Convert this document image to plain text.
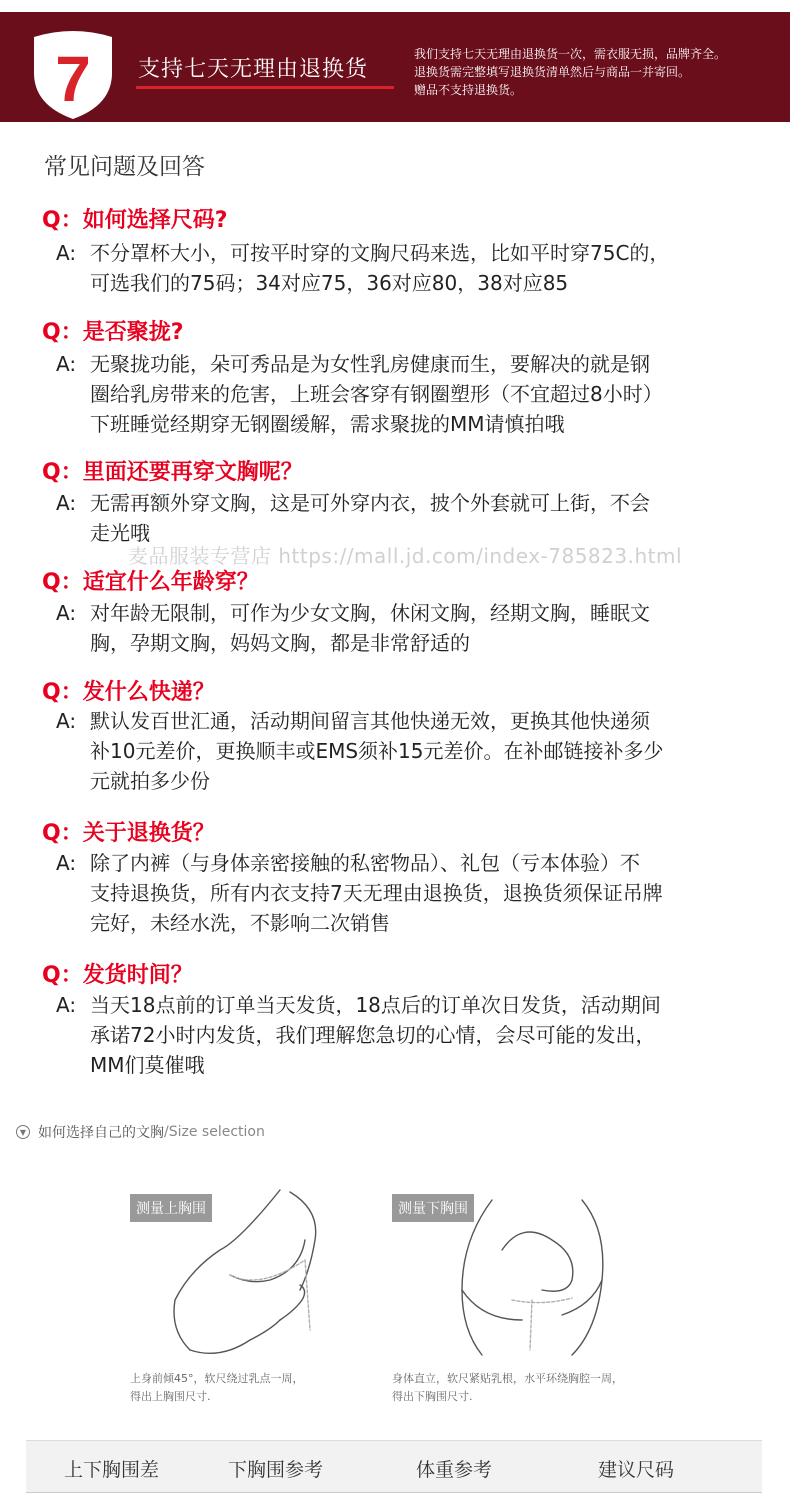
7 支持七天无理由退换货
我们支持七天无理由退换货一次，需衣服无损，品牌齐全。
退换货需完整填写退换货清单然后与商品一并寄回。
赠品不支持退换货。
常见问题及回答
Q：如何选择尺码?
A: 不分罩杯大小，可按平时穿的文胸尺码来选，比如平时穿75C的，
可选我们的75码；34对应75，36对应80，38对应85
Q：是否聚拢?
A: 无聚拢功能，朵可秀品是为女性乳房健康而生，要解决的就是钢
圈给乳房带来的危害，上班会客穿有钢圈塑形（不宜超过8小时）
下班睡觉经期穿无钢圈缓解，需求聚拢的MM请慎拍哦
Q：里面还要再穿文胸呢？
A: 无需再额外穿文胸，这是可外穿内衣，披个外套就可上街，不会
走光哦
麦品服装专营店 https://mall.jd.com/index-785823.html
Q：适宜什么年龄穿？
A: 对年龄无限制，可作为少女文胸，休闲文胸，经期文胸，睡眠文
胸，孕期文胸，妈妈文胸，都是非常舒适的
Q：发什么快递？
A: 默认发百世汇通，活动期间留言其他快递无效，更换其他快递须
补10元差价，更换顺丰或EMS须补15元差价。在补邮链接补多少
元就拍多少份
Q：关于退换货？
A: 除了内裤（与身体亲密接触的私密物品）、礼包（亏本体验）不
支持退换货，所有内衣支持7天无理由退换货，退换货须保证吊牌
完好，未经水洗，不影响二次销售
Q：发货时间？
A: 当天18点前的订单当天发货，18点后的订单次日发货，活动期间
承诺72小时内发货，我们理解您急切的心情，会尽可能的发出，
MM们莫催哦
▼ 如何选择自己的文胸 /Size selection
测量上胸围
上身前倾45°，软尺绕过乳点一周，
得出上胸围尺寸.
测量下胸围
身体直立，软尺紧贴乳根，水平环绕胸腔一周，
得出下胸围尺寸.
上下胸围差	下胸围参考	体重参考	建议尺码
